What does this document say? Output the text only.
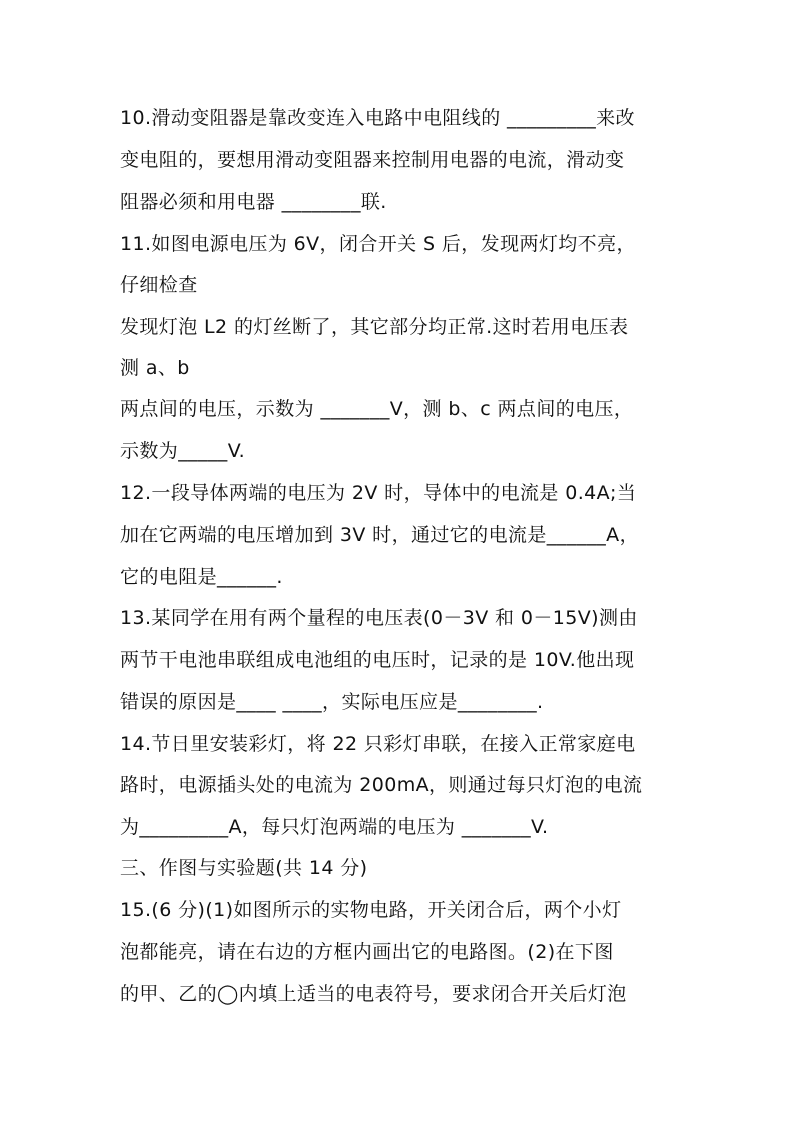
10.滑动变阻器是靠改变连入电路中电阻线的 _________来改
变电阻的，要想用滑动变阻器来控制用电器的电流，滑动变
阻器必须和用电器 ________联.
11.如图电源电压为 6V，闭合开关 S 后，发现两灯均不亮，
仔细检查
发现灯泡 L2 的灯丝断了，其它部分均正常.这时若用电压表
测 a、b
两点间的电压，示数为 _______V，测 b、c 两点间的电压，
示数为_____V.
12.一段导体两端的电压为 2V 时，导体中的电流是 0.4A;当
加在它两端的电压增加到 3V 时，通过它的电流是______A，
它的电阻是______.
13.某同学在用有两个量程的电压表(0－3V 和 0－15V)测由
两节干电池串联组成电池组的电压时，记录的是 10V.他出现
错误的原因是____ ____，实际电压应是________.
14.节日里安装彩灯，将 22 只彩灯串联，在接入正常家庭电
路时，电源插头处的电流为 200mA，则通过每只灯泡的电流
为_________A，每只灯泡两端的电压为 _______V.
三、作图与实验题(共 14 分)
15.(6 分)(1)如图所示的实物电路，开关闭合后，两个小灯
泡都能亮，请在右边的方框内画出它的电路图。(2)在下图
的甲、乙的◯内填上适当的电表符号，要求闭合开关后灯泡
